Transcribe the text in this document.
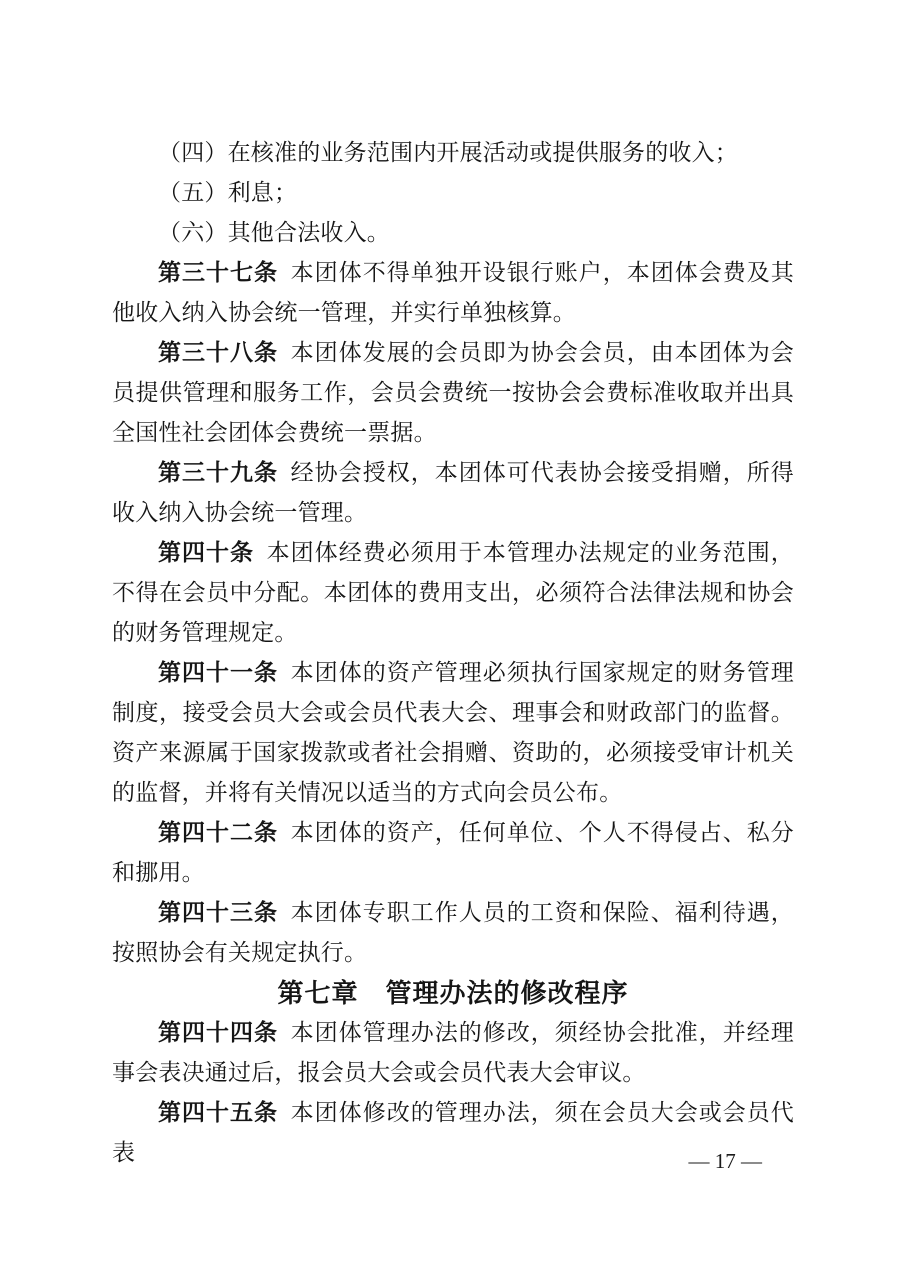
（四）在核准的业务范围内开展活动或提供服务的收入；

（五）利息；

（六）其他合法收入。

第三十七条 本团体不得单独开设银行账户，本团体会费及其他收入纳入协会统一管理，并实行单独核算。

第三十八条 本团体发展的会员即为协会会员，由本团体为会员提供管理和服务工作，会员会费统一按协会会费标准收取并出具全国性社会团体会费统一票据。

第三十九条 经协会授权，本团体可代表协会接受捐赠，所得收入纳入协会统一管理。

第四十条 本团体经费必须用于本管理办法规定的业务范围，不得在会员中分配。本团体的费用支出，必须符合法律法规和协会的财务管理规定。

第四十一条 本团体的资产管理必须执行国家规定的财务管理制度，接受会员大会或会员代表大会、理事会和财政部门的监督。资产来源属于国家拨款或者社会捐赠、资助的，必须接受审计机关的监督，并将有关情况以适当的方式向会员公布。

第四十二条 本团体的资产，任何单位、个人不得侵占、私分和挪用。

第四十三条 本团体专职工作人员的工资和保险、福利待遇，按照协会有关规定执行。

第七章　管理办法的修改程序

第四十四条 本团体管理办法的修改，须经协会批准，并经理事会表决通过后，报会员大会或会员代表大会审议。

第四十五条 本团体修改的管理办法，须在会员大会或会员代表	— 17 —
